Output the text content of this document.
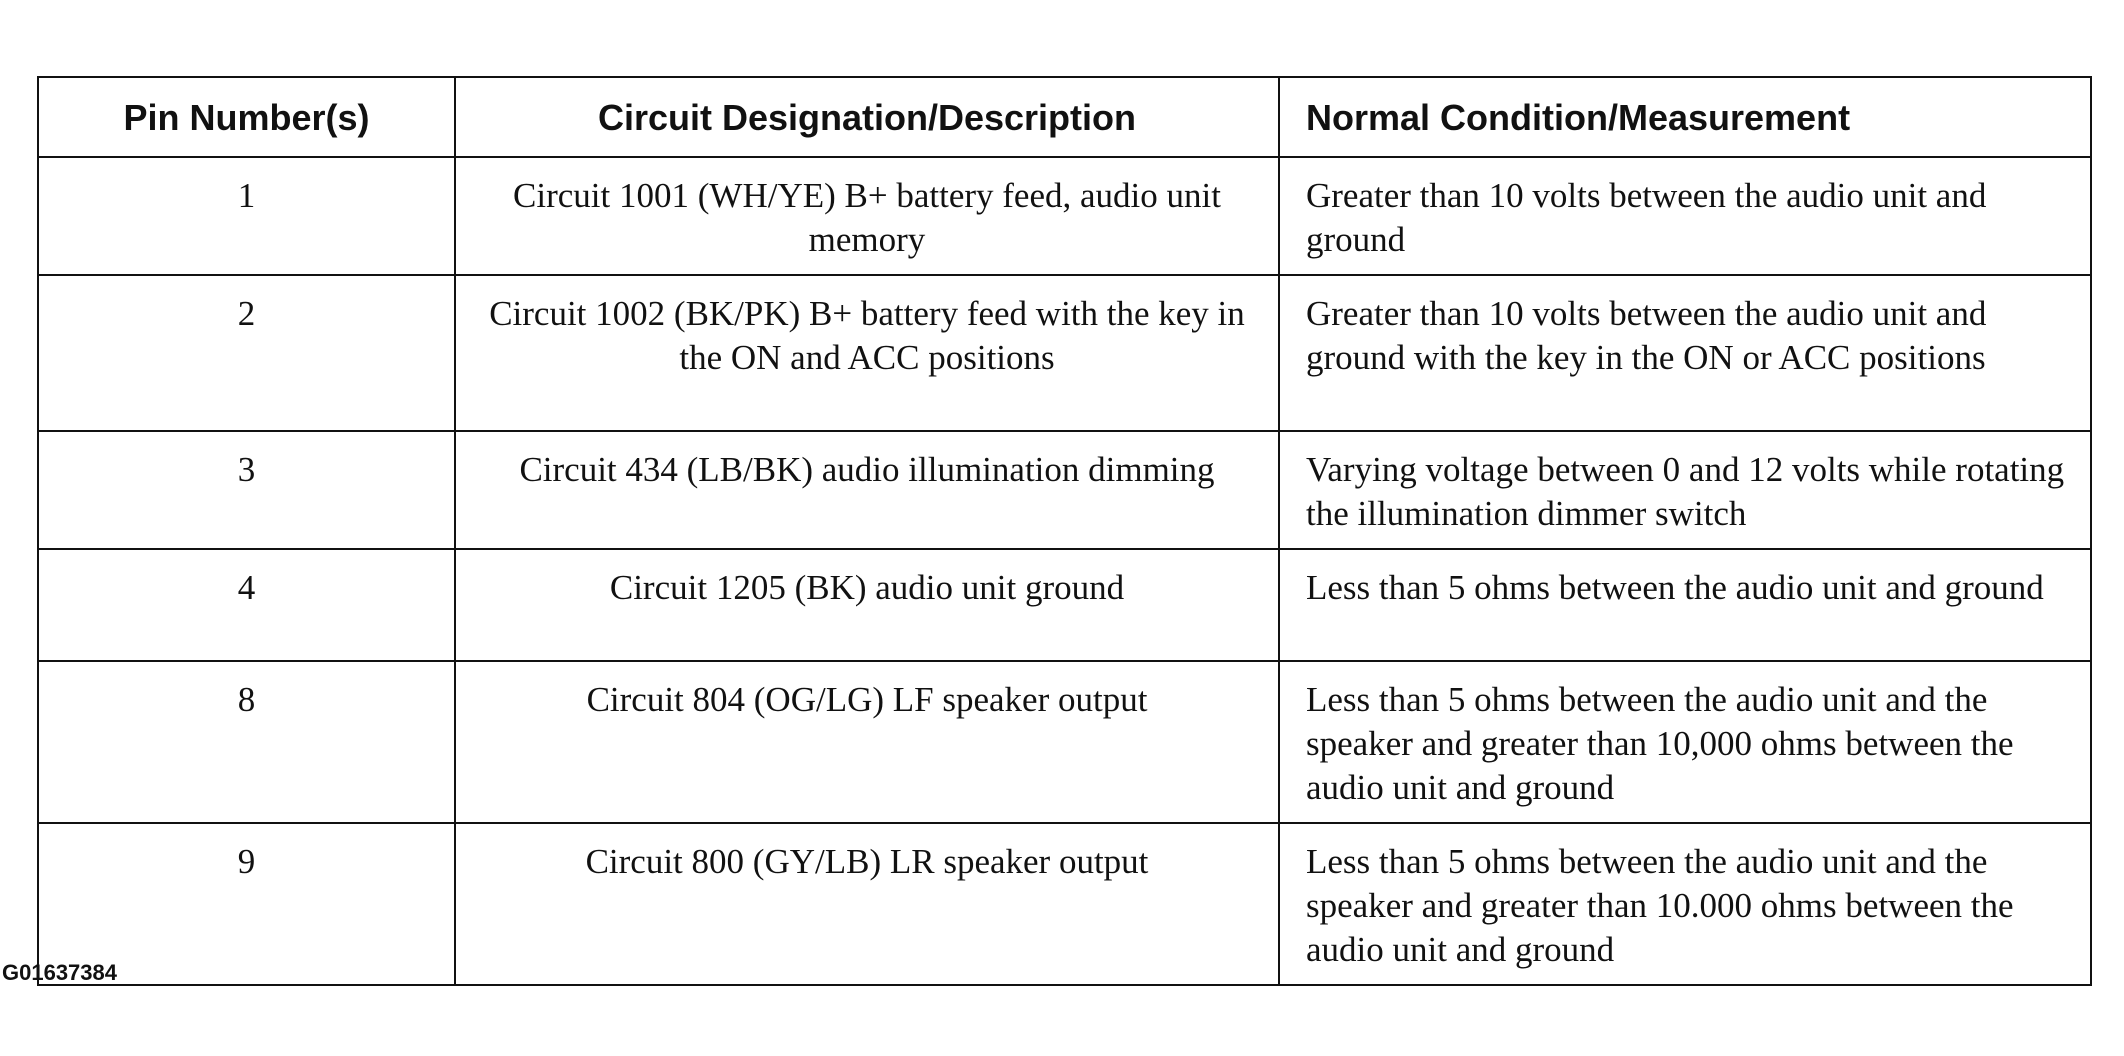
Pin Number(s)	Circuit Designation/Description	Normal Condition/Measurement
1	Circuit 1001 (WH/YE) B+ battery feed, audio unit memory	Greater than 10 volts between the audio unit and ground
2	Circuit 1002 (BK/PK) B+ battery feed with the key in the ON and ACC positions	Greater than 10 volts between the audio unit and ground with the key in the ON or ACC positions
3	Circuit 434 (LB/BK) audio illumination dimming	Varying voltage between 0 and 12 volts while rotating the illumination dimmer switch
4	Circuit 1205 (BK) audio unit ground	Less than 5 ohms between the audio unit and ground
8	Circuit 804 (OG/LG) LF speaker output	Less than 5 ohms between the audio unit and the speaker and greater than 10,000 ohms between the audio unit and ground
9	Circuit 800 (GY/LB) LR speaker output	Less than 5 ohms between the audio unit and the speaker and greater than 10.000 ohms between the audio unit and ground
G01637384
